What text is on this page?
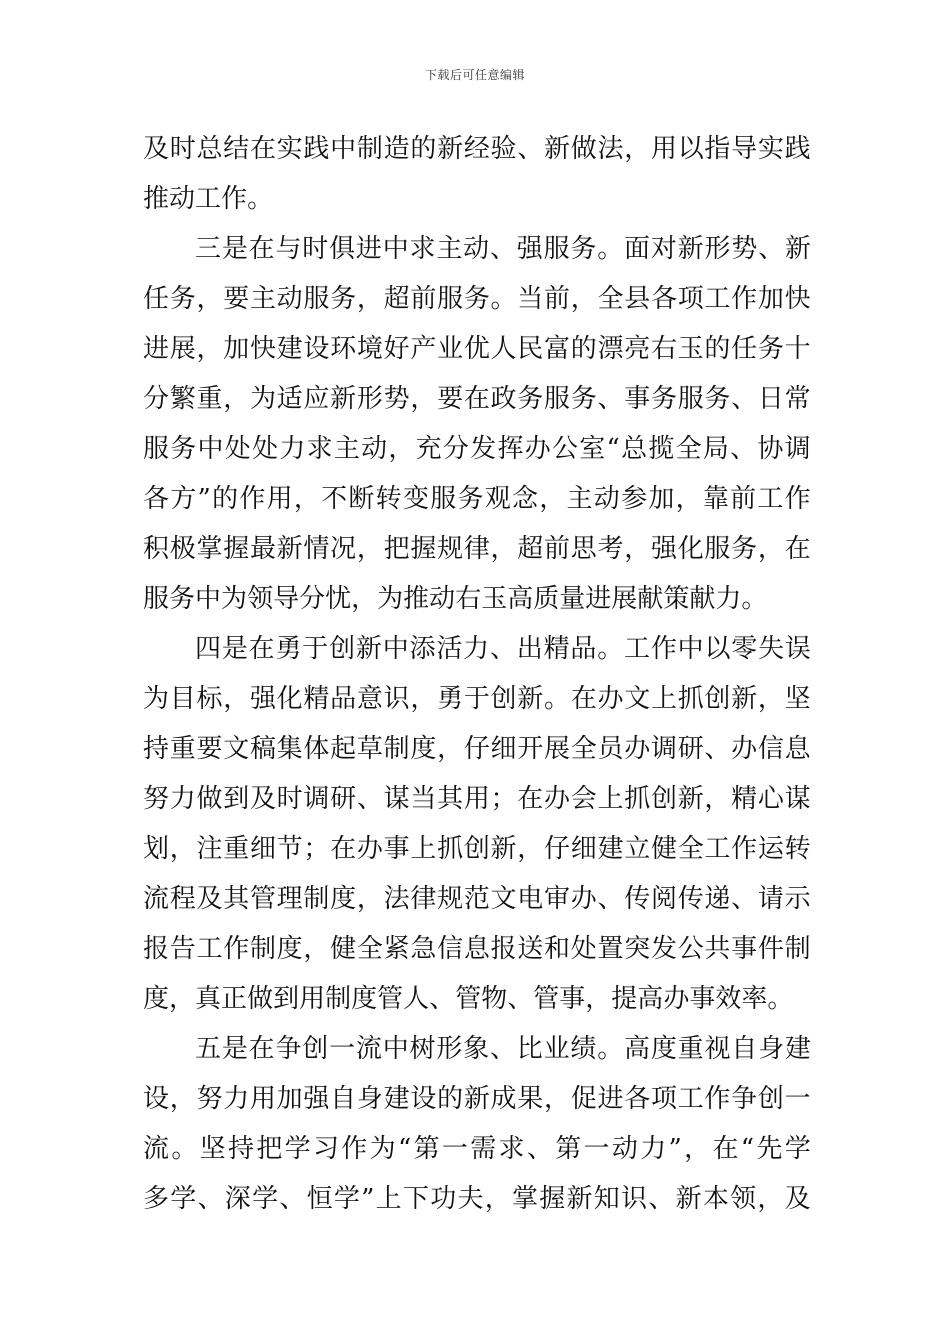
下载后可任意编辑
及 时 总 结 在 实 践 中 制 造 的 新 经 验 、 新 做 法 ， 用 以 指 导 实 践
推 动 工 作 。
三 是 在 与 时 俱 进 中 求 主 动 、 强 服 务 。 面 对 新 形 势 、 新
任 务 ， 要 主 动 服 务 ， 超 前 服 务 。 当 前 ， 全 县 各 项 工 作 加 快
进 展 ， 加 快 建 设 环 境 好 产 业 优 人 民 富 的 漂 亮 右 玉 的 任 务 十
分 繁 重 ， 为 适 应 新 形 势 ， 要 在 政 务 服 务 、 事 务 服 务 、 日 常
服 务 中 处 处 力 求 主 动 ， 充 分 发 挥 办 公 室 “ 总 揽 全 局 、 协 调
各 方 ” 的 作 用 ， 不 断 转 变 服 务 观 念 ， 主 动 参 加 ， 靠 前 工 作
积 极 掌 握 最 新 情 况 ， 把 握 规 律 ， 超 前 思 考 ， 强 化 服 务 ， 在
服 务 中 为 领 导 分 忧 ， 为 推 动 右 玉 高 质 量 进 展 献 策 献 力 。
四 是 在 勇 于 创 新 中 添 活 力 、 出 精 品 。 工 作 中 以 零 失 误
为 目 标 ， 强 化 精 品 意 识 ， 勇 于 创 新 。 在 办 文 上 抓 创 新 ， 坚
持 重 要 文 稿 集 体 起 草 制 度 ， 仔 细 开 展 全 员 办 调 研 、 办 信 息
努 力 做 到 及 时 调 研 、 谋 当 其 用 ； 在 办 会 上 抓 创 新 ， 精 心 谋
划 ， 注 重 细 节 ； 在 办 事 上 抓 创 新 ， 仔 细 建 立 健 全 工 作 运 转
流 程 及 其 管 理 制 度 ， 法 律 规 范 文 电 审 办 、 传 阅 传 递 、 请 示
报 告 工 作 制 度 ， 健 全 紧 急 信 息 报 送 和 处 置 突 发 公 共 事 件 制
度 ， 真 正 做 到 用 制 度 管 人 、 管 物 、 管 事 ， 提 高 办 事 效 率 。
五 是 在 争 创 一 流 中 树 形 象 、 比 业 绩 。 高 度 重 视 自 身 建
设 ， 努 力 用 加 强 自 身 建 设 的 新 成 果 ， 促 进 各 项 工 作 争 创 一
流 。 坚 持 把 学 习 作 为 “ 第 一 需 求 、 第 一 动 力 ” ， 在 “ 先 学
多 学 、 深 学 、 恒 学 ” 上 下 功 夫 ， 掌 握 新 知 识 、 新 本 领 ， 及
